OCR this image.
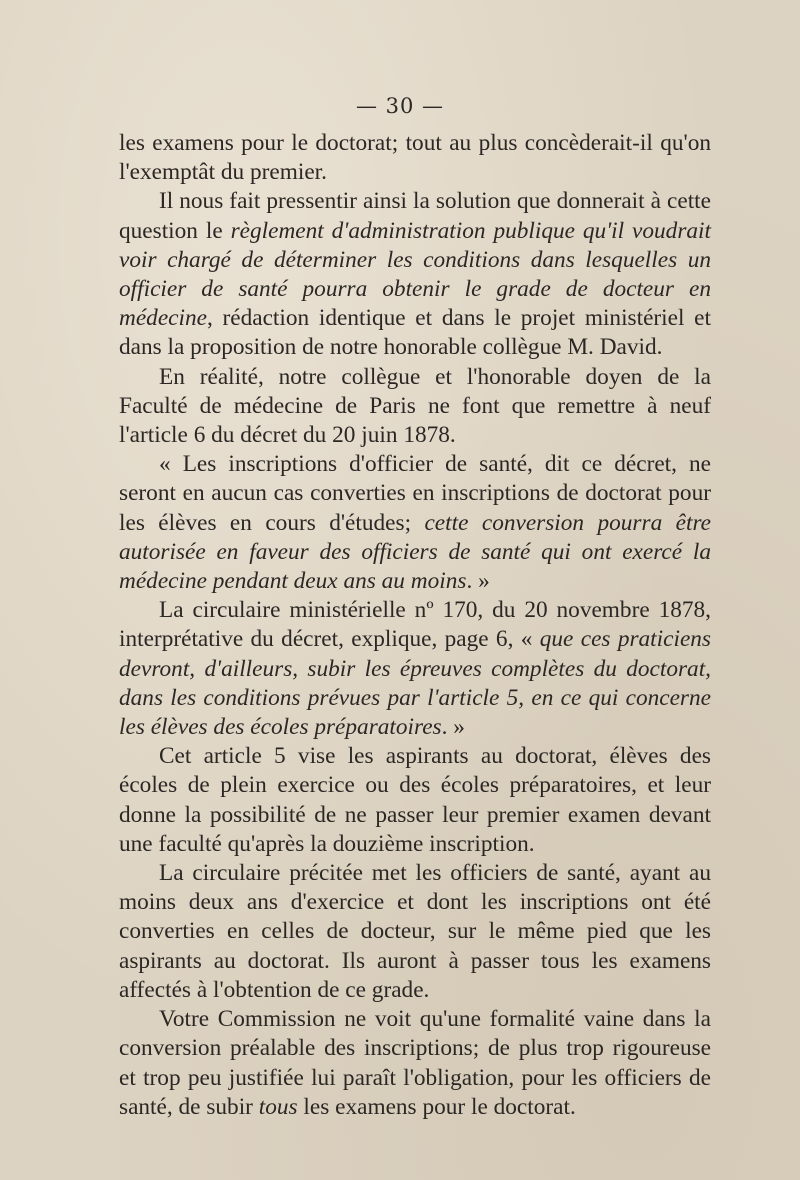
— 30 —

les examens pour le doctorat; tout au plus concèderait-il qu'on l'exemptât du premier.

Il nous fait pressentir ainsi la solution que donnerait à cette question le règlement d'administration publique qu'il voudrait voir chargé de déterminer les conditions dans lesquelles un officier de santé pourra obtenir le grade de docteur en médecine, rédaction identique et dans le projet ministériel et dans la proposition de notre honorable collègue M. David.

En réalité, notre collègue et l'honorable doyen de la Faculté de médecine de Paris ne font que remettre à neuf l'article 6 du décret du 20 juin 1878.

« Les inscriptions d'officier de santé, dit ce décret, ne seront en aucun cas converties en inscriptions de doctorat pour les élèves en cours d'études; cette conversion pourra être autorisée en faveur des officiers de santé qui ont exercé la médecine pendant deux ans au moins. »

La circulaire ministérielle nº 170, du 20 novembre 1878, interprétative du décret, explique, page 6, « que ces praticiens devront, d'ailleurs, subir les épreuves complètes du doctorat, dans les conditions prévues par l'article 5, en ce qui concerne les élèves des écoles préparatoires. »

Cet article 5 vise les aspirants au doctorat, élèves des écoles de plein exercice ou des écoles préparatoires, et leur donne la possibilité de ne passer leur premier examen devant une faculté qu'après la douzième inscription.

La circulaire précitée met les officiers de santé, ayant au moins deux ans d'exercice et dont les inscriptions ont été converties en celles de docteur, sur le même pied que les aspirants au doctorat. Ils auront à passer tous les examens affectés à l'obtention de ce grade.

Votre Commission ne voit qu'une formalité vaine dans la conversion préalable des inscriptions; de plus trop rigoureuse et trop peu justifiée lui paraît l'obligation, pour les officiers de santé, de subir tous les examens pour le doctorat.
